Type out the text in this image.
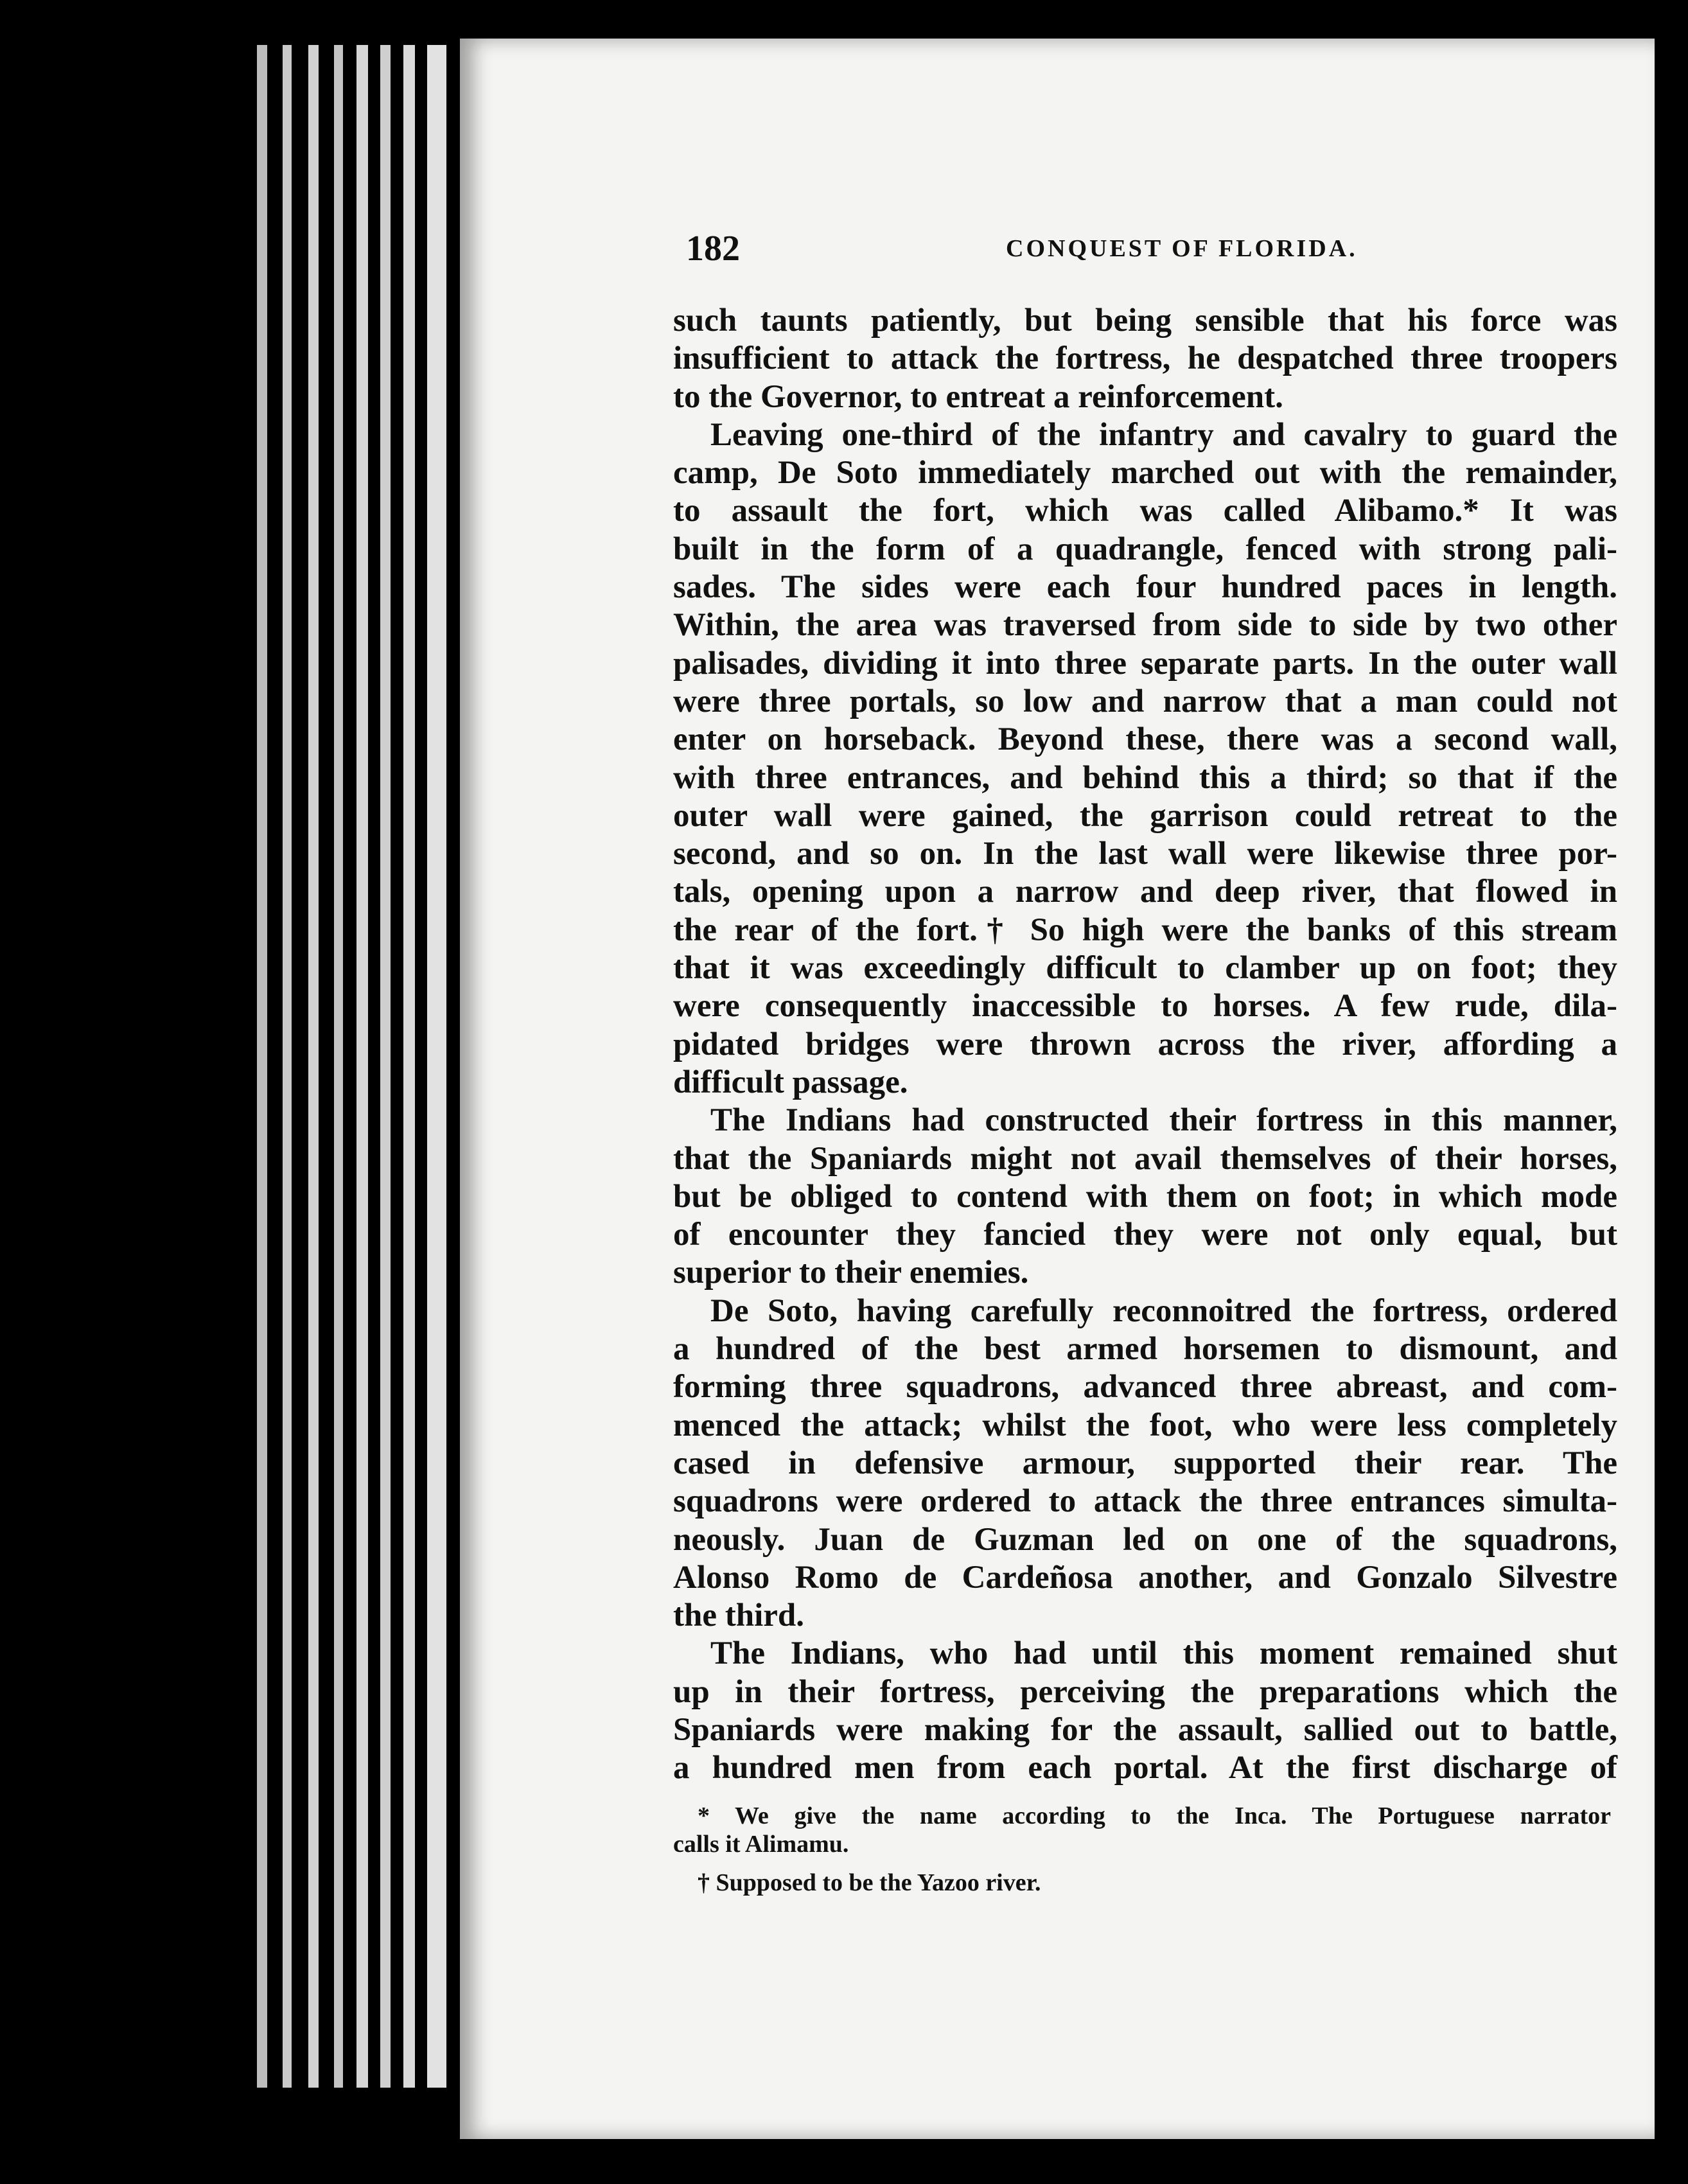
182	CONQUEST OF FLORIDA.
such taunts patiently, but being sensible that his force was
insufficient to attack the fortress, he despatched three troopers
to the Governor, to entreat a reinforcement.
Leaving one-third of the infantry and cavalry to guard the
camp, De Soto immediately marched out with the remainder,
to assault the fort, which was called Alibamo.* It was
built in the form of a quadrangle, fenced with strong pali-
sades. The sides were each four hundred paces in length.
Within, the area was traversed from side to side by two other
palisades, dividing it into three separate parts. In the outer wall
were three portals, so low and narrow that a man could not
enter on horseback. Beyond these, there was a second wall,
with three entrances, and behind this a third; so that if the
outer wall were gained, the garrison could retreat to the
second, and so on. In the last wall were likewise three por-
tals, opening upon a narrow and deep river, that flowed in
the rear of the fort.† So high were the banks of this stream
that it was exceedingly difficult to clamber up on foot; they
were consequently inaccessible to horses. A few rude, dila-
pidated bridges were thrown across the river, affording a
difficult passage.
The Indians had constructed their fortress in this manner,
that the Spaniards might not avail themselves of their horses,
but be obliged to contend with them on foot; in which mode
of encounter they fancied they were not only equal, but
superior to their enemies.
De Soto, having carefully reconnoitred the fortress, ordered
a hundred of the best armed horsemen to dismount, and
forming three squadrons, advanced three abreast, and com-
menced the attack; whilst the foot, who were less completely
cased in defensive armour, supported their rear. The
squadrons were ordered to attack the three entrances simulta-
neously. Juan de Guzman led on one of the squadrons,
Alonso Romo de Cardeñosa another, and Gonzalo Silvestre
the third.
The Indians, who had until this moment remained shut
up in their fortress, perceiving the preparations which the
Spaniards were making for the assault, sallied out to battle,
a hundred men from each portal. At the first discharge of
* We give the name according to the Inca. The Portuguese narrator
calls it Alimamu.
† Supposed to be the Yazoo river.
